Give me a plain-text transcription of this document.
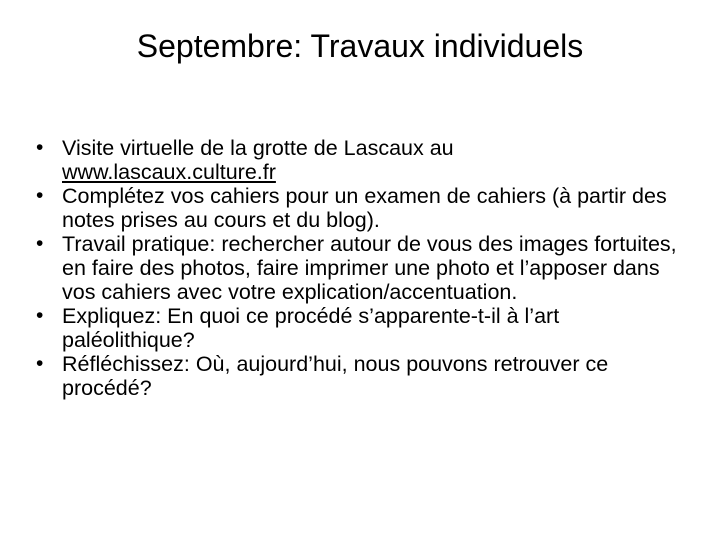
Septembre: Travaux individuels
• Visite virtuelle de la grotte de Lascaux au
www.lascaux.culture.fr
• Complétez vos cahiers pour un examen de cahiers (à partir des notes prises au cours et du blog).
• Travail pratique: rechercher autour de vous des images fortuites, en faire des photos, faire imprimer une photo et l’apposer dans vos cahiers avec votre explication/accentuation.
• Expliquez: En quoi ce procédé s’apparente-t-il à l’art paléolithique?
• Réfléchissez: Où, aujourd’hui, nous pouvons retrouver ce procédé?
